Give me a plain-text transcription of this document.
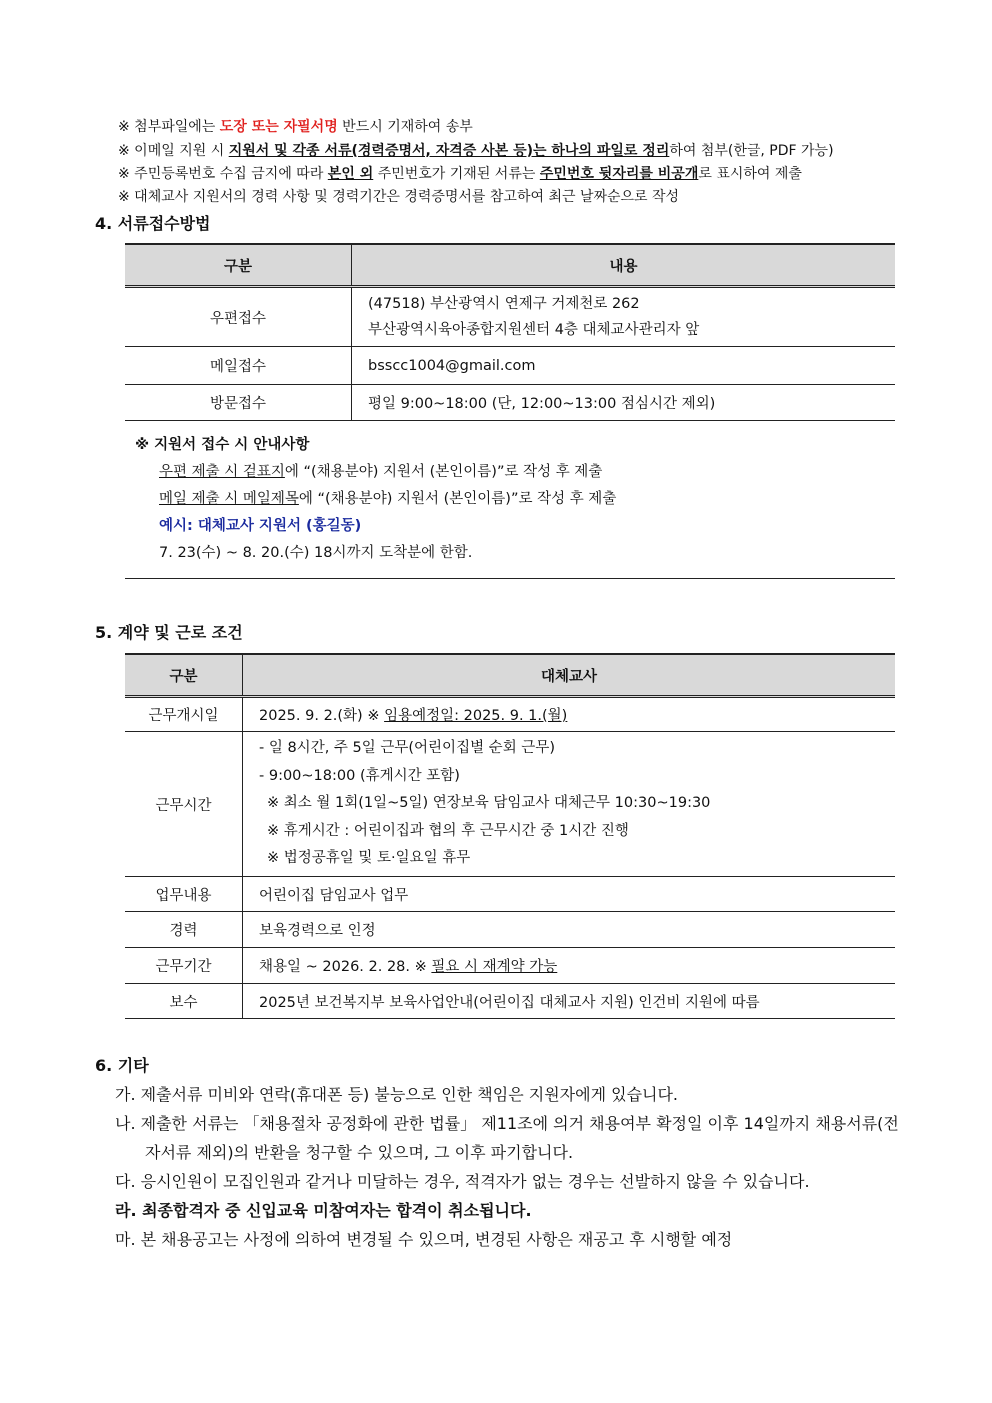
※ 첨부파일에는 도장 또는 자필서명 반드시 기재하여 송부
※ 이메일 지원 시 지원서 및 각종 서류(경력증명서, 자격증 사본 등)는 하나의 파일로 정리하여 첨부(한글, PDF 가능)
※ 주민등록번호 수집 금지에 따라 본인 외 주민번호가 기재된 서류는 주민번호 뒷자리를 비공개로 표시하여 제출
※ 대체교사 지원서의 경력 사항 및 경력기간은 경력증명서를 참고하여 최근 날짜순으로 작성
4. 서류접수방법
구분	내용
우편접수	(47518) 부산광역시 연제구 거제천로 262
부산광역시육아종합지원센터 4층 대체교사관리자 앞

메일접수	bsscc1004@gmail.com
방문접수	평일 9:00~18:00 (단, 12:00~13:00 점심시간 제외)
※ 지원서 접수 시 안내사항
우편 제출 시 겉표지에 “(채용분야) 지원서 (본인이름)”로 작성 후 제출
메일 제출 시 메일제목에 “(채용분야) 지원서 (본인이름)”로 작성 후 제출
예시: 대체교사 지원서 (홍길동)
7. 23(수) ~ 8. 20.(수) 18시까지 도착분에 한함.
5. 계약 및 근로 조건
구분	대체교사
근무개시일	2025. 9. 2.(화) ※ 임용예정일: 2025. 9. 1.(월)
근무시간	- 일 8시간, 주 5일 근무(어린이집별 순회 근무)
- 9:00~18:00 (휴게시간 포함)
※ 최소 월 1회(1일~5일) 연장보육 담임교사 대체근무 10:30~19:30
※ 휴게시간 : 어린이집과 협의 후 근무시간 중 1시간 진행
※ 법정공휴일 및 토·일요일 휴무

업무내용	어린이집 담임교사 업무
경력	보육경력으로 인정
근무기간	채용일 ~ 2026. 2. 28. ※ 필요 시 재계약 가능
보수	2025년 보건복지부 보육사업안내(어린이집 대체교사 지원) 인건비 지원에 따름
6. 기타
가. 제출서류 미비와 연락(휴대폰 등) 불능으로 인한 책임은 지원자에게 있습니다.
나. 제출한 서류는 「채용절차 공정화에 관한 법률」 제11조에 의거 채용여부 확정일 이후 14일까지 채용서류(전자서류 제외)의 반환을 청구할 수 있으며, 그 이후 파기합니다.
다. 응시인원이 모집인원과 같거나 미달하는 경우, 적격자가 없는 경우는 선발하지 않을 수 있습니다.
라. 최종합격자 중 신입교육 미참여자는 합격이 취소됩니다.
마. 본 채용공고는 사정에 의하여 변경될 수 있으며, 변경된 사항은 재공고 후 시행할 예정
